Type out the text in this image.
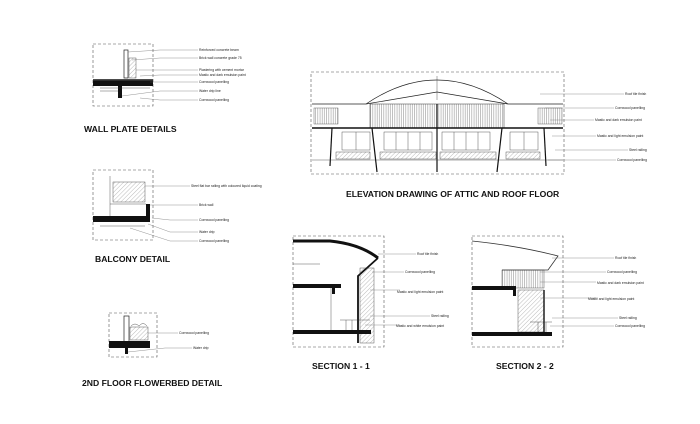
Reinforced concrete beam
Brick wall concrete grade 75
Plastering with cement mortar
Mastic and dark emulsion paint
Cornwood panelling
Water drip line
Cornwood panelling
WALL PLATE DETAILS
Steel flat bar railing with coloured liquid coating
Brick wall
Cornwood panelling
Water drip
Cornwood panelling
BALCONY DETAIL
Cornwood panelling
Water drip
2ND FLOOR FLOWERBED DETAIL
Roof tile finish
Cornwood panelling
Mastic and dark emulsion paint
Mastic and light emulsion paint
Steel railing
Cornwood panelling
ELEVATION DRAWING OF ATTIC AND ROOF FLOOR
Roof tile finish
Cornwood panelling
Mastic and light emulsion paint
Steel railing
Mastic and white emulsion paint
SECTION 1 - 1
Roof tile finish
Cornwood panelling
Mastic and dark emulsion paint
Mastic and light emulsion paint
Steel railing
Cornwood panelling
SECTION 2 - 2
